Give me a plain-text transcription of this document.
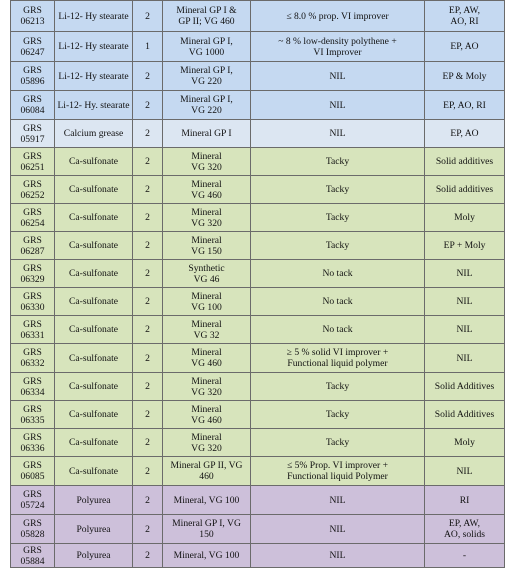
GRS
06213	Li-12- Hy stearate	2	Mineral GP I &
GP II; VG 460	≤ 8.0 % prop. VI improver	EP, AW,
AO, RI

GRS
06247	Li-12- Hy stearate	1	Mineral GP I,
VG 1000	~ 8 % low-density polythene +
VI Improver	EP, AO

GRS
05896	Li-12- Hy stearate	2	Mineral GP I,
VG 220	NIL	EP & Moly

GRS
06084	Li-12- Hy. stearate	2	Mineral GP I,
VG 220	NIL	EP, AO, RI

GRS
05917	Calcium grease	2	Mineral GP I	NIL	EP, AO

GRS
06251	Ca-sulfonate	2	Mineral
VG 320	Tacky	Solid additives

GRS
06252	Ca-sulfonate	2	Mineral
VG 460	Tacky	Solid additives

GRS
06254	Ca-sulfonate	2	Mineral
VG 320	Tacky	Moly

GRS
06287	Ca-sulfonate	2	Mineral
VG 150	Tacky	EP + Moly

GRS
06329	Ca-sulfonate	2	Synthetic
VG 46	No tack	NIL

GRS
06330	Ca-sulfonate	2	Mineral
VG 100	No tack	NIL

GRS
06331	Ca-sulfonate	2	Mineral
VG 32	No tack	NIL

GRS
06332	Ca-sulfonate	2	Mineral
VG 460	≥ 5 % solid VI improver +
Functional liquid polymer	NIL

GRS
06334	Ca-sulfonate	2	Mineral
VG 320	Tacky	Solid Additives

GRS
06335	Ca-sulfonate	2	Mineral
VG 460	Tacky	Solid Additives

GRS
06336	Ca-sulfonate	2	Mineral
VG 320	Tacky	Moly

GRS
06085	Ca-sulfonate	2	Mineral GP II, VG 460	≤ 5% Prop. VI improver +
Functional liquid Polymer	NIL

GRS
05724	Polyurea	2	Mineral, VG 100	NIL	RI

GRS
05828	Polyurea	2	Mineral GP I, VG 150	NIL	EP, AW,
AO, solids

GRS
05884	Polyurea	2	Mineral, VG 100	NIL	-
